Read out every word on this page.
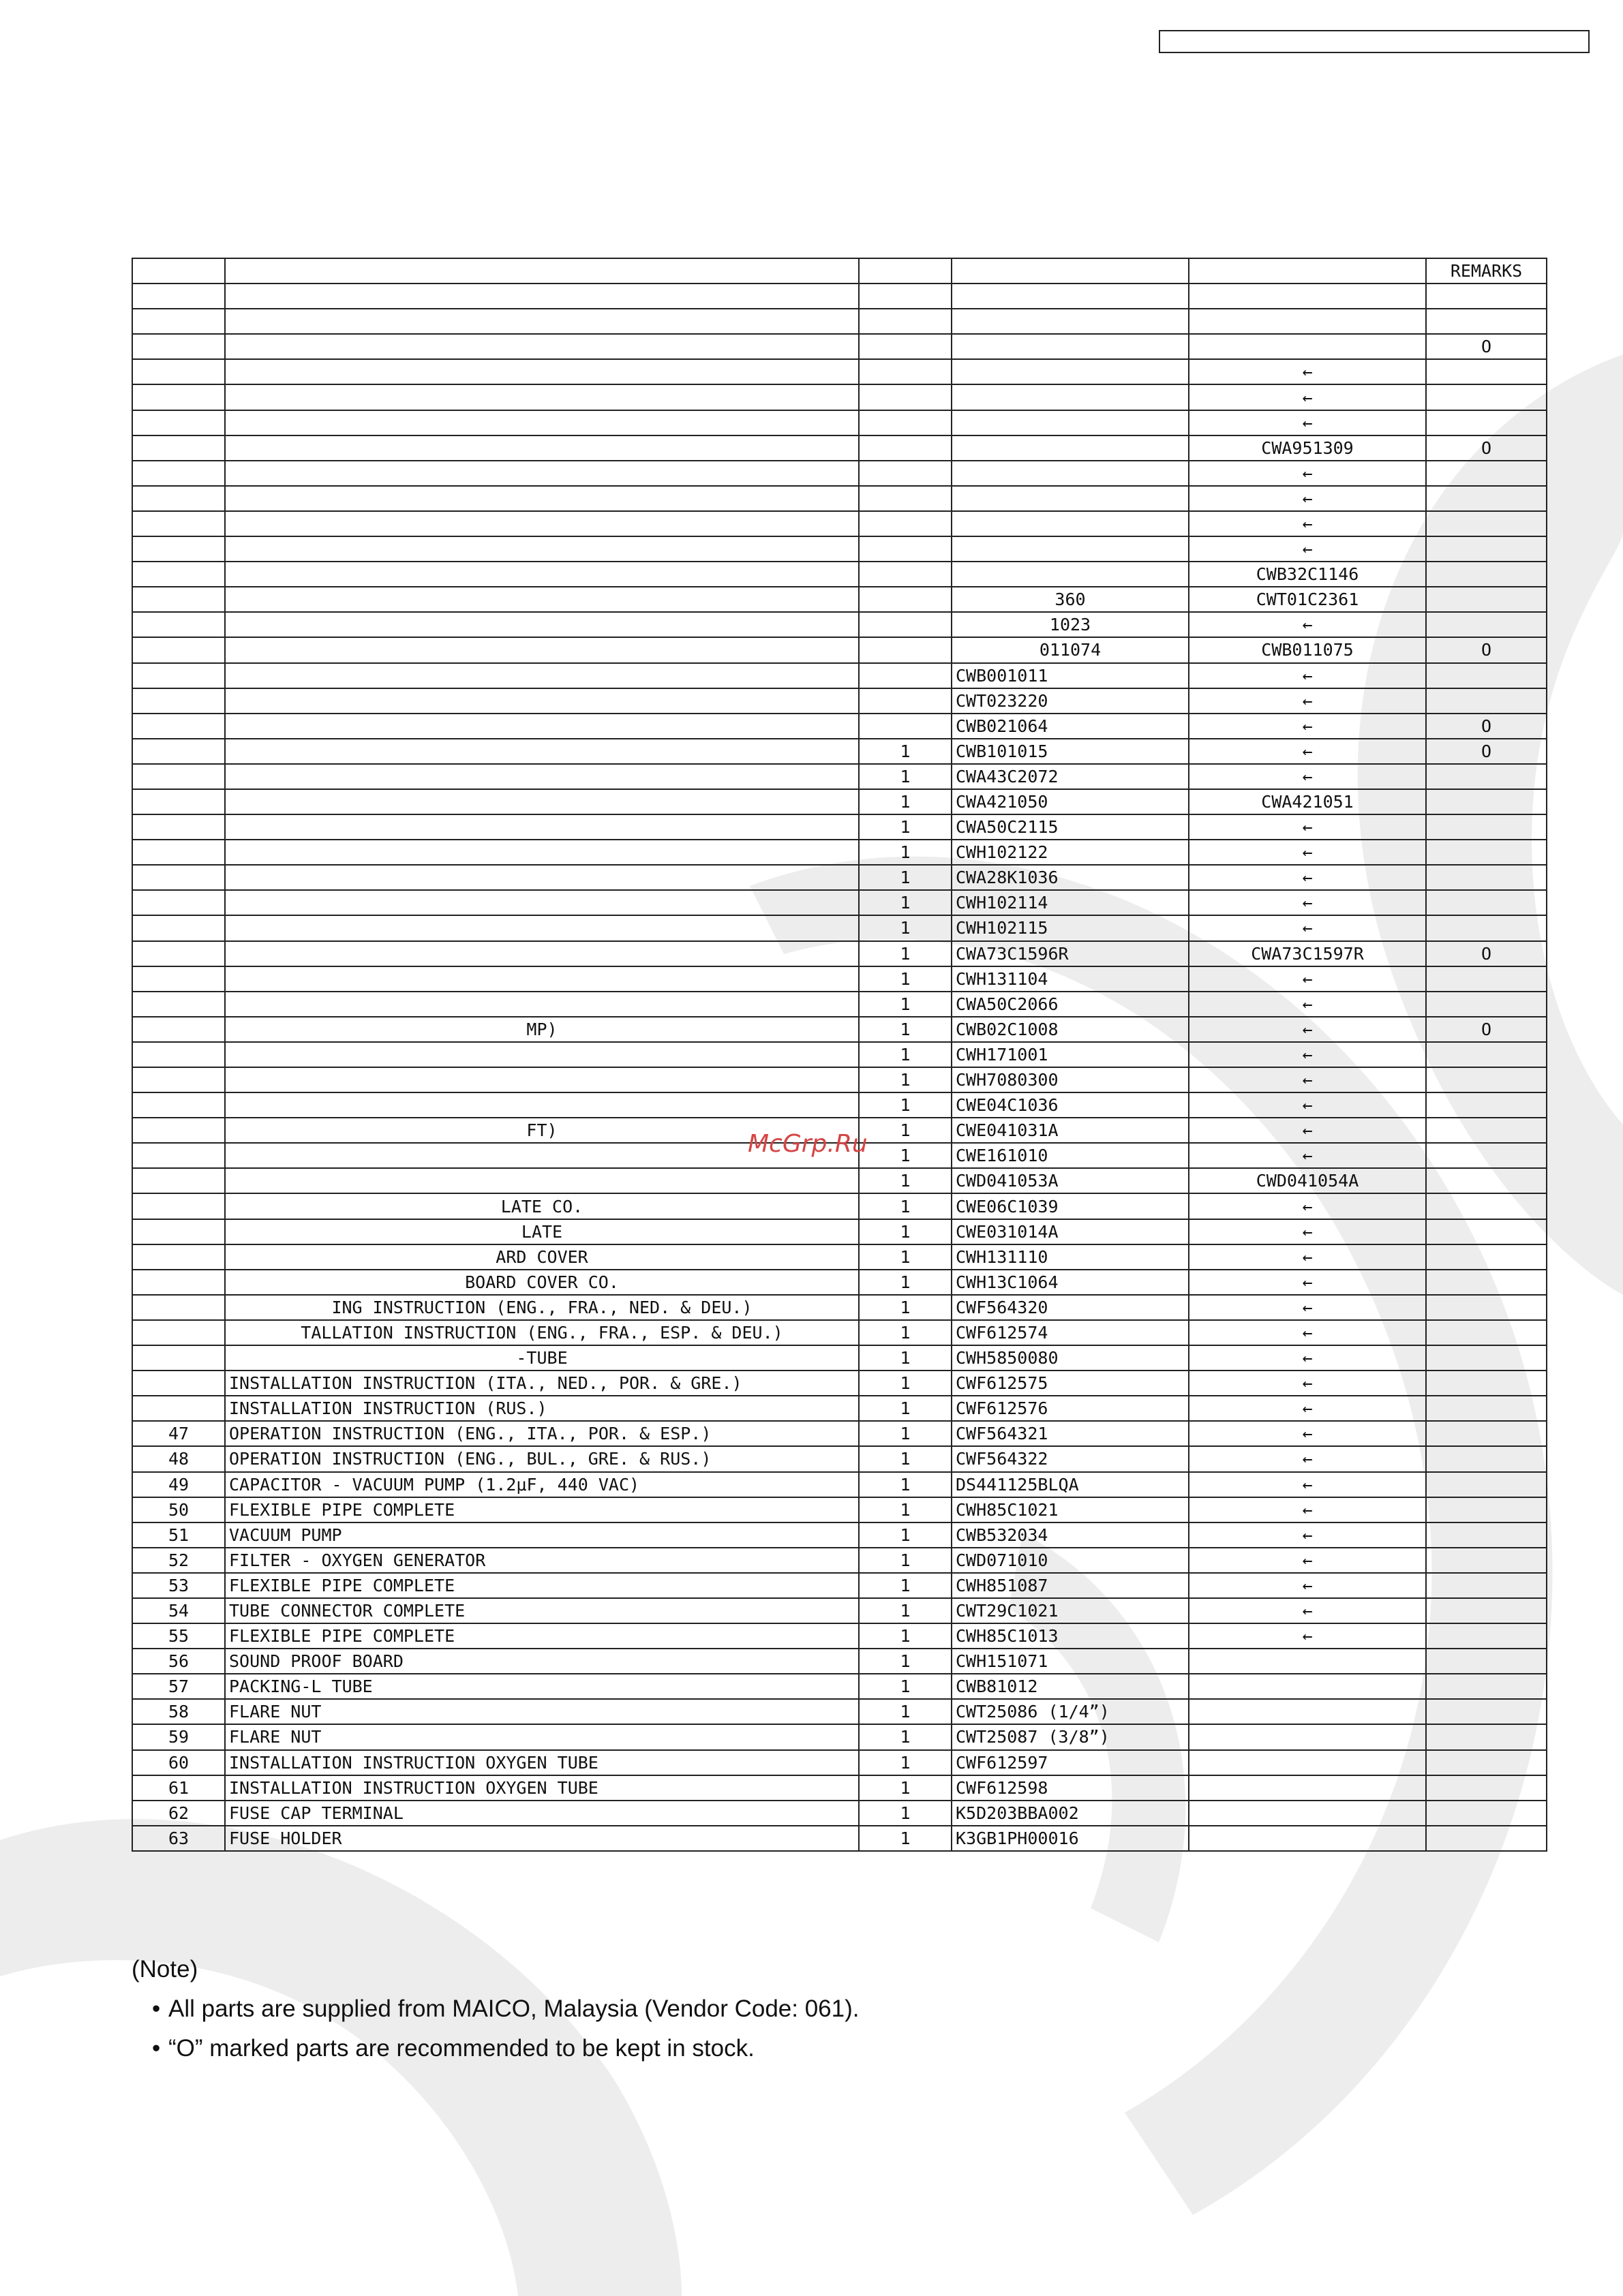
					REMARKS

					O
				←	
				←	
				←	
				CWA951309	O
				←	
				←	
				←	
				←	
				CWB32C1146	
			360	CWT01C2361	
			1023	←	
			011074	CWB011075	O
			CWB001011	←	
			CWT023220	←	
			CWB021064	←	O
		1	CWB101015	←	O
		1	CWA43C2072	←	
		1	CWA421050	CWA421051	
		1	CWA50C2115	←	
		1	CWH102122	←	
		1	CWA28K1036	←	
		1	CWH102114	←	
		1	CWH102115	←	
		1	CWA73C1596R	CWA73C1597R	O
		1	CWH131104	←	
		1	CWA50C2066	←	
	MP)	1	CWB02C1008	←	O
		1	CWH171001	←	
		1	CWH7080300	←	
		1	CWE04C1036	←	
	FT)	1	CWE041031A	←	
		1	CWE161010	←	
		1	CWD041053A	CWD041054A	
	LATE CO.	1	CWE06C1039	←	
	LATE	1	CWE031014A	←	
	ARD COVER	1	CWH131110	←	
	BOARD COVER CO.	1	CWH13C1064	←	
	ING INSTRUCTION (ENG., FRA., NED. & DEU.)	1	CWF564320	←	
	TALLATION INSTRUCTION (ENG., FRA., ESP. & DEU.)	1	CWF612574	←	
	-TUBE	1	CWH5850080	←	
	INSTALLATION INSTRUCTION (ITA., NED., POR. & GRE.)	1	CWF612575	←	
	INSTALLATION INSTRUCTION (RUS.)	1	CWF612576	←	
47	OPERATION INSTRUCTION (ENG., ITA., POR. & ESP.)	1	CWF564321	←	
48	OPERATION INSTRUCTION (ENG., BUL., GRE. & RUS.)	1	CWF564322	←	
49	CAPACITOR - VACUUM PUMP (1.2μF, 440 VAC)	1	DS441125BLQA	←	
50	FLEXIBLE PIPE COMPLETE	1	CWH85C1021	←	
51	VACUUM PUMP	1	CWB532034	←	
52	FILTER - OXYGEN GENERATOR	1	CWD071010	←	
53	FLEXIBLE PIPE COMPLETE	1	CWH851087	←	
54	TUBE CONNECTOR COMPLETE	1	CWT29C1021	←	
55	FLEXIBLE PIPE COMPLETE	1	CWH85C1013	←	
56	SOUND PROOF BOARD	1	CWH151071		
57	PACKING-L TUBE	1	CWB81012		
58	FLARE NUT	1	CWT25086 (1/4”)		
59	FLARE NUT	1	CWT25087 (3/8”)		
60	INSTALLATION INSTRUCTION OXYGEN TUBE	1	CWF612597		
61	INSTALLATION INSTRUCTION OXYGEN TUBE	1	CWF612598		
62	FUSE CAP TERMINAL	1	K5D203BBA002		
63	FUSE HOLDER	1	K3GB1PH00016		
McGrp.Ru
(Note)
• All parts are supplied from MAICO, Malaysia (Vendor Code: 061).
• “O” marked parts are recommended to be kept in stock.
